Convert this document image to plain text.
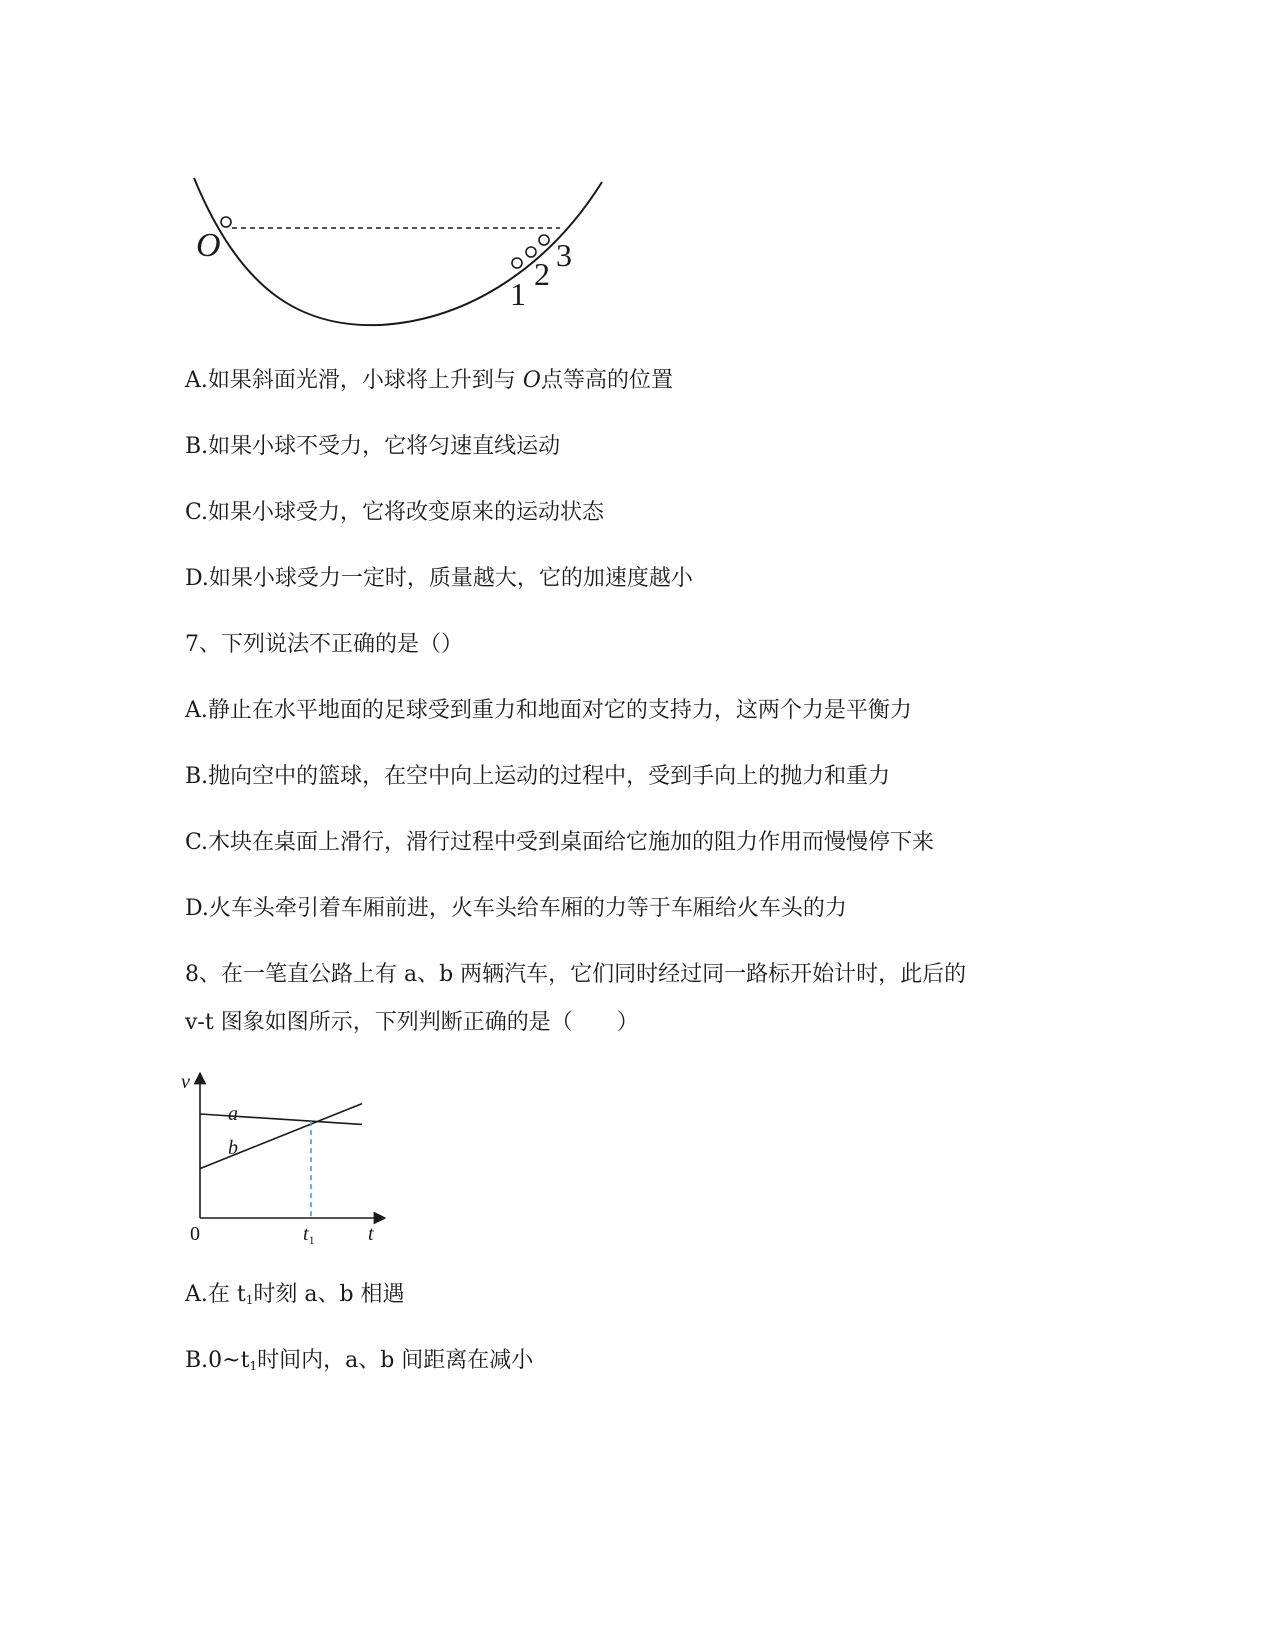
O
1
2
3
A.如果斜面光滑，小球将上升到与 O点等高的位置
B.如果小球不受力，它将匀速直线运动
C.如果小球受力，它将改变原来的运动状态
D.如果小球受力一定时，质量越大，它的加速度越小
7、下列说法不正确的是（）
A.静止在水平地面的足球受到重力和地面对它的支持力，这两个力是平衡力
B.抛向空中的篮球，在空中向上运动的过程中，受到手向上的抛力和重力
C.木块在桌面上滑行，滑行过程中受到桌面给它施加的阻力作用而慢慢停下来
D.火车头牵引着车厢前进，火车头给车厢的力等于车厢给火车头的力
8、在一笔直公路上有 a、b 两辆汽车，它们同时经过同一路标开始计时，此后的
v-t 图象如图所示，下列判断正确的是（　　）
v
t
0
a
b
$t_1$
A.在 $t_1$时刻 a、b 相遇
$B.0\sim t_1$时间内，a、b 间距离在减小
